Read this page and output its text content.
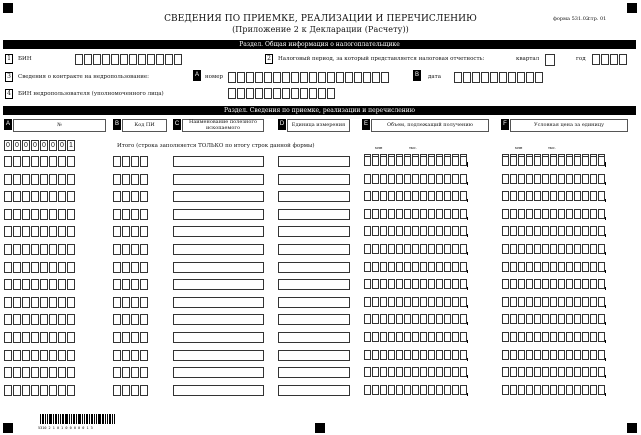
СВЕДЕНИЯ ПО ПРИЕМКЕ, РЕАЛИЗАЦИИ И ПЕРЕЧИСЛЕНИЮ
(Приложение 2 к Декларации (Расчету))
форма 531.02
стр. 01
Раздел. Общая информация о налогоплательщике
1	БИН	2	Налоговый период, за который представляется налоговая отчетность:	квартал	год
3	Сведения о контракте на недропользование:	A	номер	B	дата
4	БИН недропользователя (уполномоченного лица)
Раздел. Сведения по приемке, реализации и перечислению
A	№	B	Код ПИ	C	Наименование полезного ископаемого
D	Единица измерения	E	Объем, подлежащий получению	F	Условная цена за единицу
0 0 0 0 0 0 0 1	Итого (строка заполняется ТОЛЬКО по итогу строк данной формы)	млн	тыс.	млн	тыс.
5310 2 1 0 1 0 0 0 0 0 1 3
